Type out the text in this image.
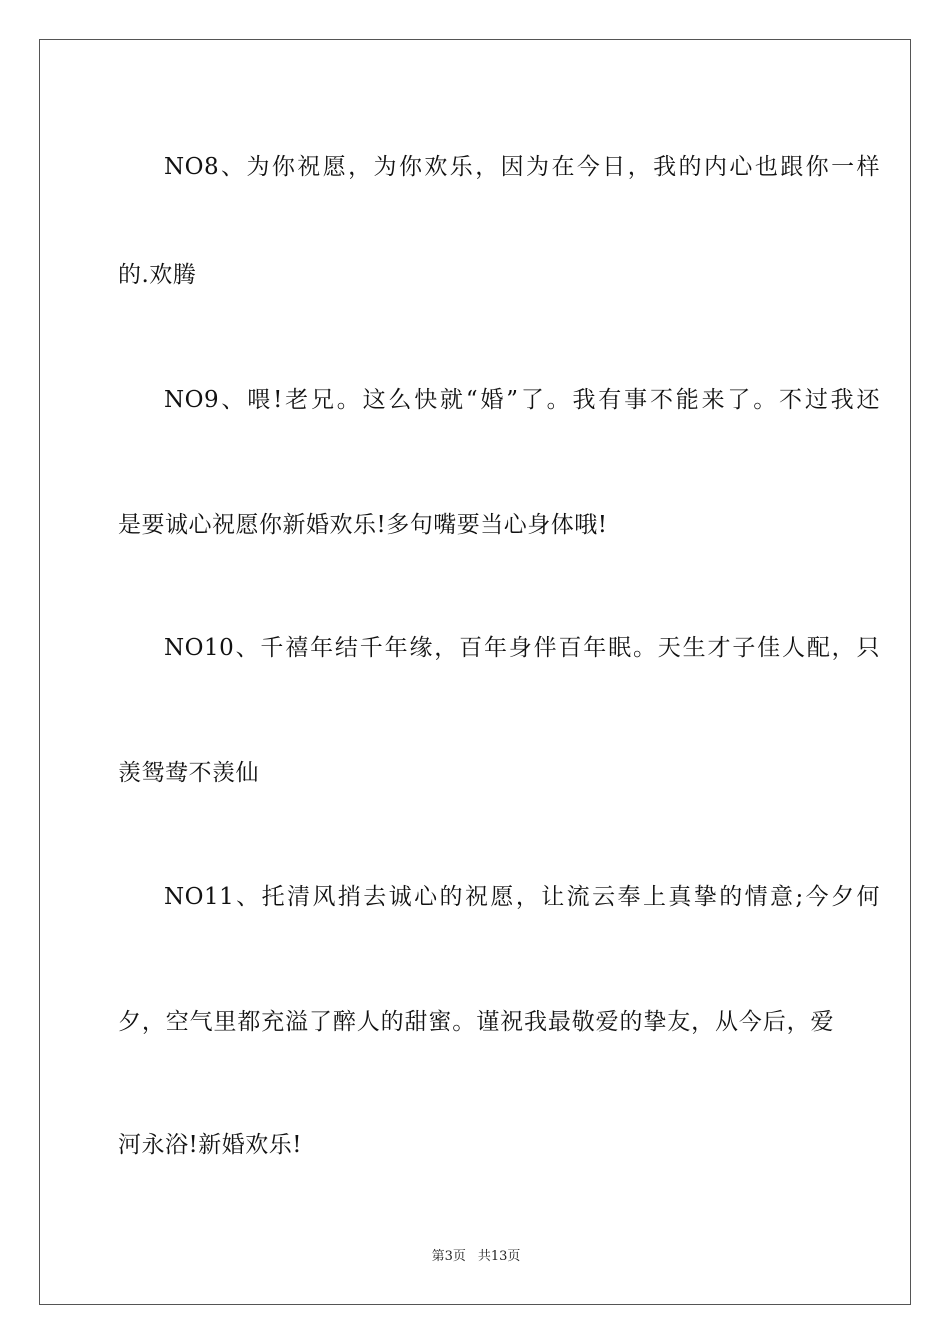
NO8、为你祝愿，为你欢乐，因为在今日，我的内心也跟你一样
的.欢腾
NO9、喂!老兄。这么快就“婚”了。我有事不能来了。不过我还
是要诚心祝愿你新婚欢乐!多句嘴要当心身体哦!
NO10、千禧年结千年缘，百年身伴百年眠。天生才子佳人配，只
羡鸳鸯不羡仙
NO11、托清风捎去诚心的祝愿，让流云奉上真挚的情意;今夕何
夕，空气里都充溢了醉人的甜蜜。谨祝我最敬爱的挚友，从今后，爱
河永浴!新婚欢乐!
第3页 共13页
